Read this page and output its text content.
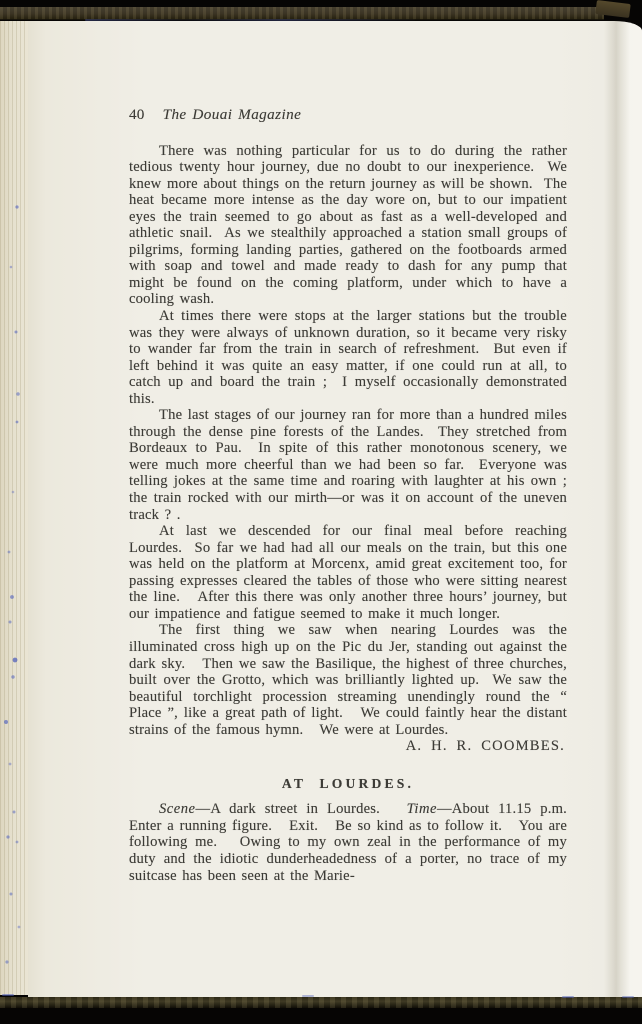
40 The Douai Magazine

There was nothing particular for us to do during the rather tedious twenty hour journey, due no doubt to our inexperience.  We knew more about things on the return journey as will be shown.  The heat became more intense as the day wore on, but to our impatient eyes the train seemed to go about as fast as a well-developed and athletic snail.  As we stealthily approached a station small groups of pilgrims, forming landing parties, gathered on the footboards armed with soap and towel and made ready to dash for any pump that might be found on the coming platform, under which to have a cooling wash.

At times there were stops at the larger stations but the trouble was they were always of unknown duration, so it became very risky to wander far from the train in search of refreshment.  But even if left behind it was quite an easy matter, if one could run at all, to catch up and board the train ;  I myself occasionally demonstrated this.

The last stages of our journey ran for more than a hundred miles through the dense pine forests of the Landes.  They stretched from Bordeaux to Pau.  In spite of this rather monotonous scenery, we were much more cheerful than we had been so far.  Everyone was telling jokes at the same time and roaring with laughter at his own ;  the train rocked with our mirth—or was it on account of the uneven track ? .

At last we descended for our final meal before reaching Lourdes.  So far we had had all our meals on the train, but this one was held on the platform at Morcenx, amid great excitement too, for passing expresses cleared the tables of those who were sitting nearest the line.   After this there was only another three hours’ journey, but our impatience and fatigue seemed to make it much longer.

The first thing we saw when nearing Lourdes was the illuminated cross high up on the Pic du Jer, standing out against the dark sky.   Then we saw the Basilique, the highest of three churches, built over the Grotto, which was brilliantly lighted up.  We saw the beautiful torchlight procession streaming unendingly round the “ Place ”, like a great path of light.   We could faintly hear the distant strains of the famous hymn.   We were at Lourdes.

A. H. R. COOMBES.

AT LOURDES.

Scene—A dark street in Lourdes.   Time—About 11.15 p.m.   Enter a running figure.   Exit.   Be so kind as to follow it.   You are following me.   Owing to my own zeal in the performance of my duty and the idiotic dunderheadedness of a porter, no trace of my suitcase has been seen at the Marie-
